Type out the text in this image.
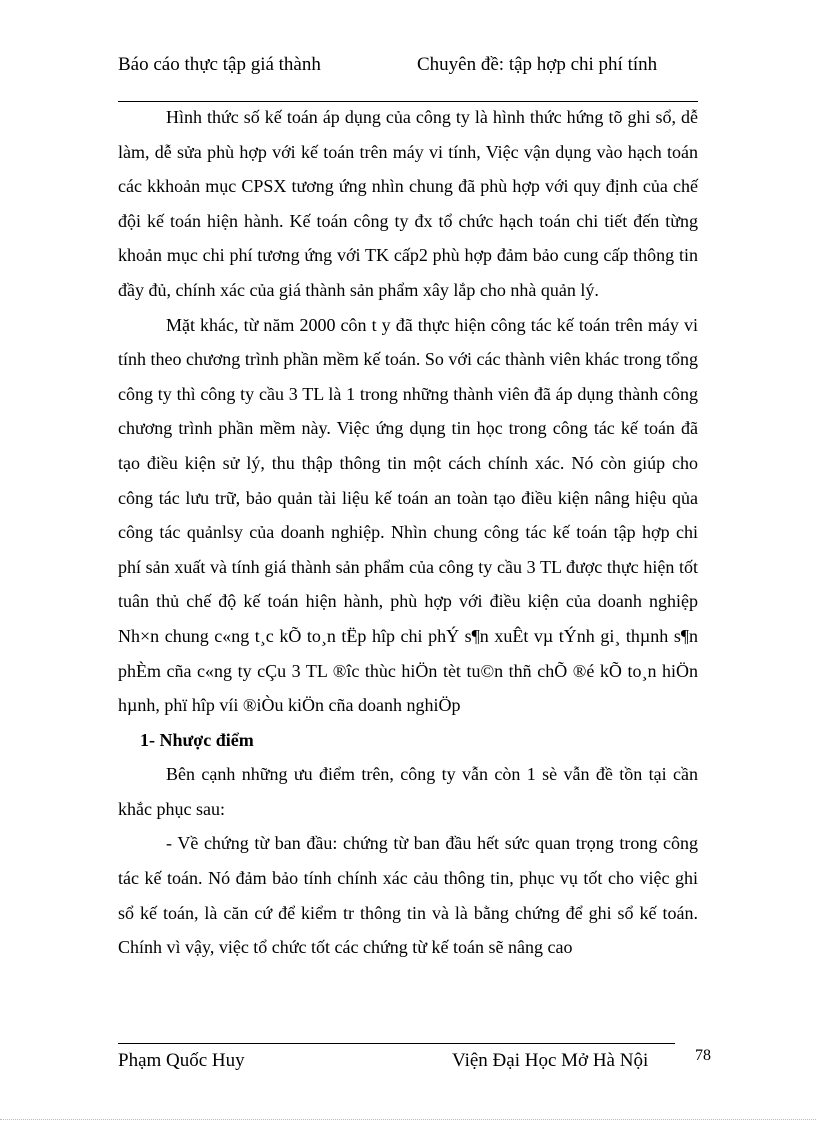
Báo cáo thực tập giá thành	Chuyên đề: tập hợp chi phí tính

Hình thức số kế toán áp dụng của công ty là hình thức hứng tõ ghi sổ, dễ làm, dễ sửa phù hợp với kế toán trên máy vi tính, Việc vận dụng vào hạch toán các kkhoản mục CPSX tương ứng nhìn chung đã phù hợp với quy định của chế đội kế toán hiện hành. Kế toán công ty đx tổ chức hạch toán chi tiết đến từng khoản mục chi phí tương ứng với TK cấp2 phù hợp đảm bảo cung cấp thông tin đầy đủ, chính xác của giá thành sản phẩm xây lắp cho nhà quản lý.

Mặt khác, từ năm 2000 côn t y đã thực hiện công tác kế toán trên máy vi tính theo chương trình phần mềm kế toán. So với các thành viên khác trong tổng công ty thì công ty cầu 3 TL là 1 trong những thành viên đã áp dụng thành công chương trình phần mềm này. Việc ứng dụng tin học trong công tác kế toán đã tạo điều kiện sử lý, thu thập thông tin một cách chính xác. Nó còn giúp cho công tác lưu trữ, bảo quản tài liệu kế toán an toàn tạo điều kiện nâng hiệu qủa công tác quảnlsy của doanh nghiệp. Nhìn chung công tác kế toán tập hợp chi phí sản xuất và tính giá thành sản phẩm của công ty cầu 3 TL được thực hiện tốt tuân thủ chế độ kế toán hiện hành, phù hợp với điều kiện của doanh nghiệp

Nh×n chung c«ng t¸c kÕ to¸n tËp hîp chi phÝ s¶n xuÊt vµ tÝnh gi¸ thµnh s¶n phÈm cña c«ng ty cÇu 3 TL ®îc thùc hiÖn tèt tu©n thñ chÕ ®é kÕ to¸n hiÖn hµnh, phï hîp víi ®iÒu kiÖn cña doanh nghiÖp

1- Nhược điểm

Bên cạnh những ưu điểm trên, công ty vẫn còn 1 sè vẫn đề tồn tại cần khắc phục sau:

- Về chứng từ ban đầu: chứng từ ban đầu hết sức quan trọng trong công tác kế toán. Nó đảm bảo tính chính xác cảu thông tin, phục vụ tốt cho việc ghi sổ kế toán, là căn cứ để kiểm tr thông tin và là bằng chứng để ghi sổ kế toán. Chính vì vậy, việc tổ chức tốt các chứng từ kế toán sẽ nâng cao

Phạm Quốc Huy	Viện Đại Học Mở Hà Nội	78
